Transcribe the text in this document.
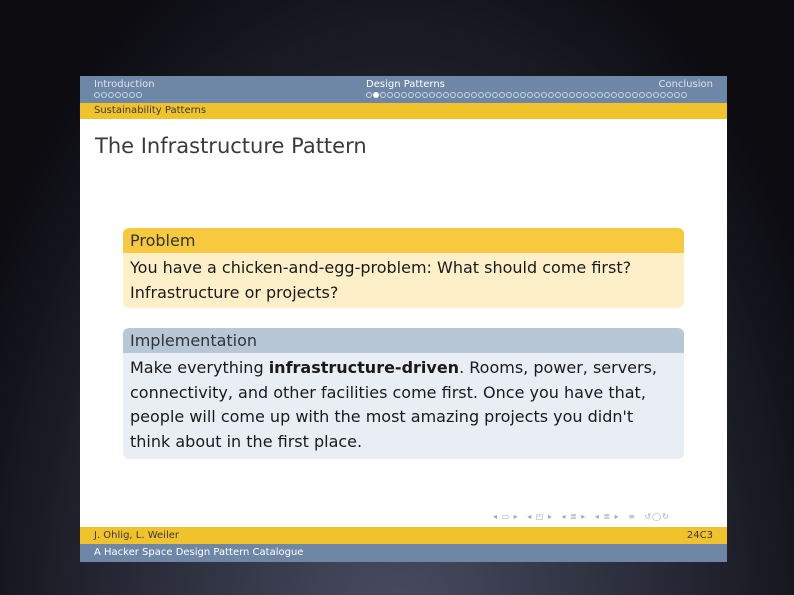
Introduction	Design Patterns	Conclusion
Sustainability Patterns
The Infrastructure Pattern
Problem
You have a chicken-and-egg-problem: What should come first?
Infrastructure or projects?
Implementation
Make everything infrastructure-driven. Rooms, power, servers, connectivity, and other facilities come first. Once you have that, people will come up with the most amazing projects you didn't think about in the first place.
◂ ▭ ▸ ◂ ◰ ▸ ◂ ≣ ▸ ◂ ≣ ▸ ≡ ↺◯↻
J. Ohlig, L. Weiler	24C3
A Hacker Space Design Pattern Catalogue
